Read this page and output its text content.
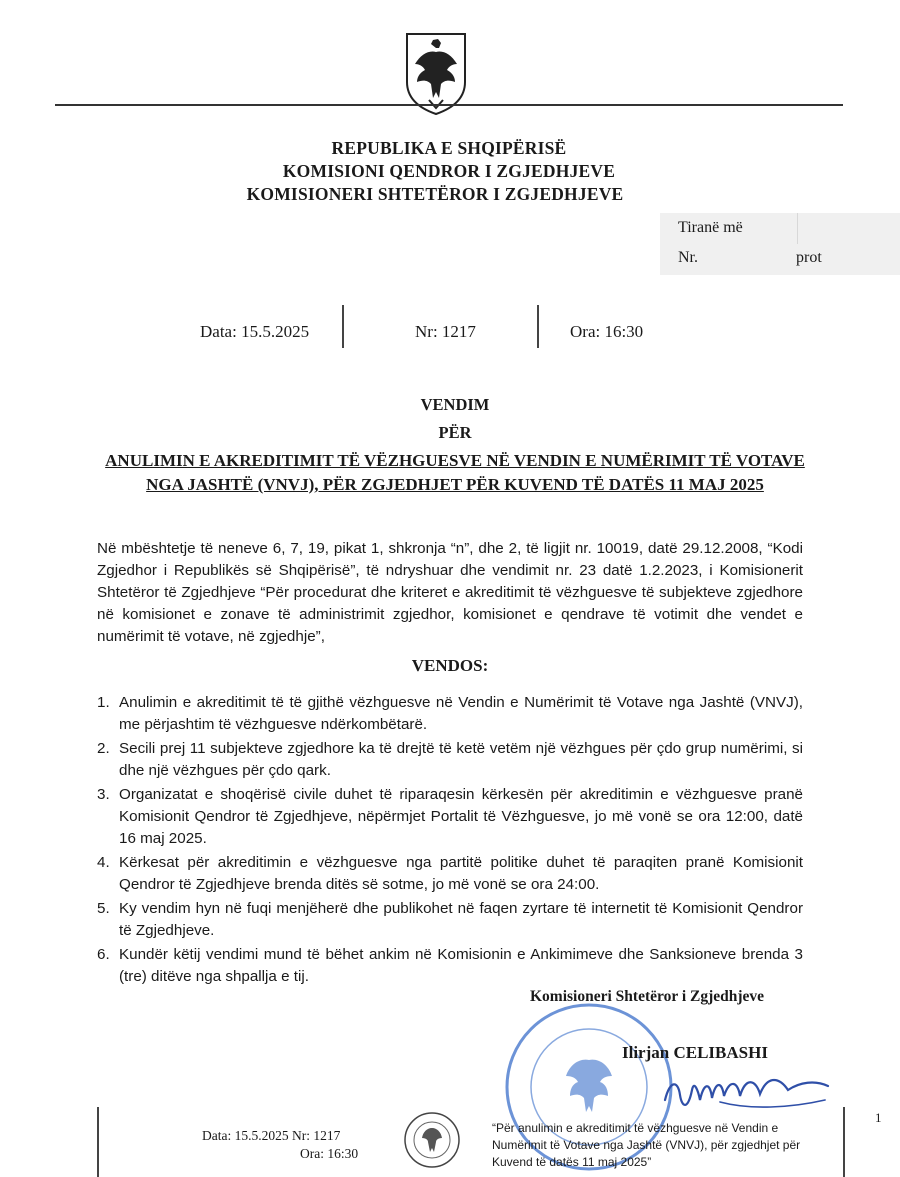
REPUBLIKA E SHQIPËRISË
KOMISIONI QENDROR I ZGJEDHJEVE
KOMISIONERI SHTETËROR I ZGJEDHJEVE
Tiranë më
Nr.	prot
Data: 15.5.2025	Nr: 1217	Ora: 16:30
VENDIM
PËR
ANULIMIN E AKREDITIMIT TË VËZHGUESVE NË VENDIN E NUMËRIMIT TË VOTAVE NGA JASHTË (VNVJ), PËR ZGJEDHJET PËR KUVEND TË DATËS 11 MAJ 2025

Në mbështetje të neneve 6, 7, 19, pikat 1, shkronja “n”, dhe 2, të ligjit nr. 10019, datë 29.12.2008, “Kodi Zgjedhor i Republikës së Shqipërisë”, të ndryshuar dhe vendimit nr. 23 datë 1.2.2023, i Komisionerit Shtetëror të Zgjedhjeve “Për procedurat dhe kriteret e akreditimit të vëzhguesve të subjekteve zgjedhore në komisionet e zonave të administrimit zgjedhor, komisionet e qendrave të votimit dhe vendet e numërimit të votave, në zgjedhje”,

VENDOS:
1. Anulimin e akreditimit të të gjithë vëzhguesve në Vendin e Numërimit të Votave nga Jashtë (VNVJ), me përjashtim të vëzhguesve ndërkombëtarë.
2. Secili prej 11 subjekteve zgjedhore ka të drejtë të ketë vetëm një vëzhgues për çdo grup numërimi, si dhe një vëzhgues për çdo qark.
3. Organizatat e shoqërisë civile duhet të riparaqesin kërkesën për akreditimin e vëzhguesve pranë Komisionit Qendror të Zgjedhjeve, nëpërmjet Portalit të Vëzhguesve, jo më vonë se ora 12:00, datë 16 maj 2025.
4. Kërkesat për akreditimin e vëzhguesve nga partitë politike duhet të paraqiten pranë Komisionit Qendror të Zgjedhjeve brenda ditës së sotme, jo më vonë se ora 24:00.
5. Ky vendim hyn në fuqi menjëherë dhe publikohet në faqen zyrtare të internetit të Komisionit Qendror të Zgjedhjeve.
6. Kundër këtij vendimi mund të bëhet ankim në Komisionin e Ankimimeve dhe Sanksioneve brenda 3 (tre) ditëve nga shpallja e tij.
Komisioneri Shtetëror i Zgjedhjeve
Ilirjan CELIBASHI
Data: 15.5.2025 Nr: 1217
Ora: 16:30

“Për anulimin e akreditimit të vëzhguesve në Vendin e Numërimit të Votave nga Jashtë (VNVJ), për zgjedhjet për Kuvend të datës 11 maj 2025”

1
